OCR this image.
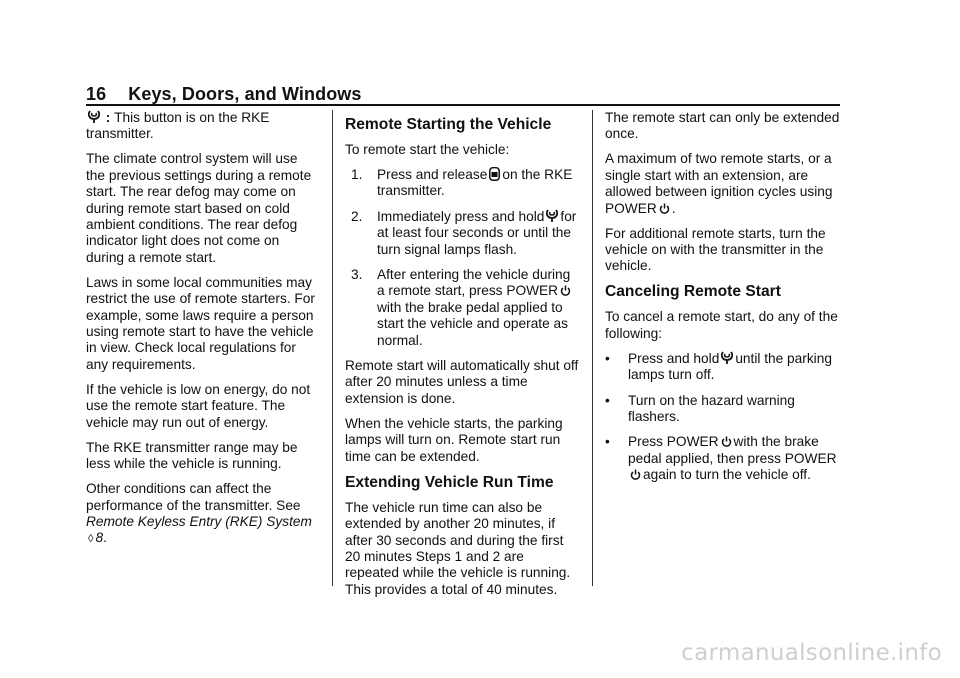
16 Keys, Doors, and Windows

: This button is on the RKE transmitter.

The climate control system will use the previous settings during a remote start. The rear defog may come on during remote start based on cold ambient conditions. The rear defog indicator light does not come on during a remote start.

Laws in some local communities may restrict the use of remote starters. For example, some laws require a person using remote start to have the vehicle in view. Check local regulations for any requirements.

If the vehicle is low on energy, do not use the remote start feature. The vehicle may run out of energy.

The RKE transmitter range may be less while the vehicle is running.

Other conditions can affect the performance of the transmitter. See Remote Keyless Entry (RKE) System ◊ 8.

Remote Starting the Vehicle

To remote start the vehicle:

1. Press and release on the RKE transmitter.
2. Immediately press and hold for at least four seconds or until the turn signal lamps flash.
3. After entering the vehicle during a remote start, press POWERwith the brake pedal applied to start the vehicle and operate as normal.

Remote start will automatically shut off after 20 minutes unless a time extension is done.

When the vehicle starts, the parking lamps will turn on. Remote start run time can be extended.

Extending Vehicle Run Time

The vehicle run time can also be extended by another 20 minutes, if after 30 seconds and during the first 20 minutes Steps 1 and 2 are repeated while the vehicle is running. This provides a total of 40 minutes.

The remote start can only be extended once.

A maximum of two remote starts, or a single start with an extension, are allowed between ignition cycles using POWER .

For additional remote starts, turn the vehicle on with the transmitter in the vehicle.

Canceling Remote Start

To cancel a remote start, do any of the following:

• Press and hold until the parking lamps turn off.
• Turn on the hazard warning flashers.
• Press POWER with the brake pedal applied, then press POWERagain to turn the vehicle off.
carmanualsonline.info
